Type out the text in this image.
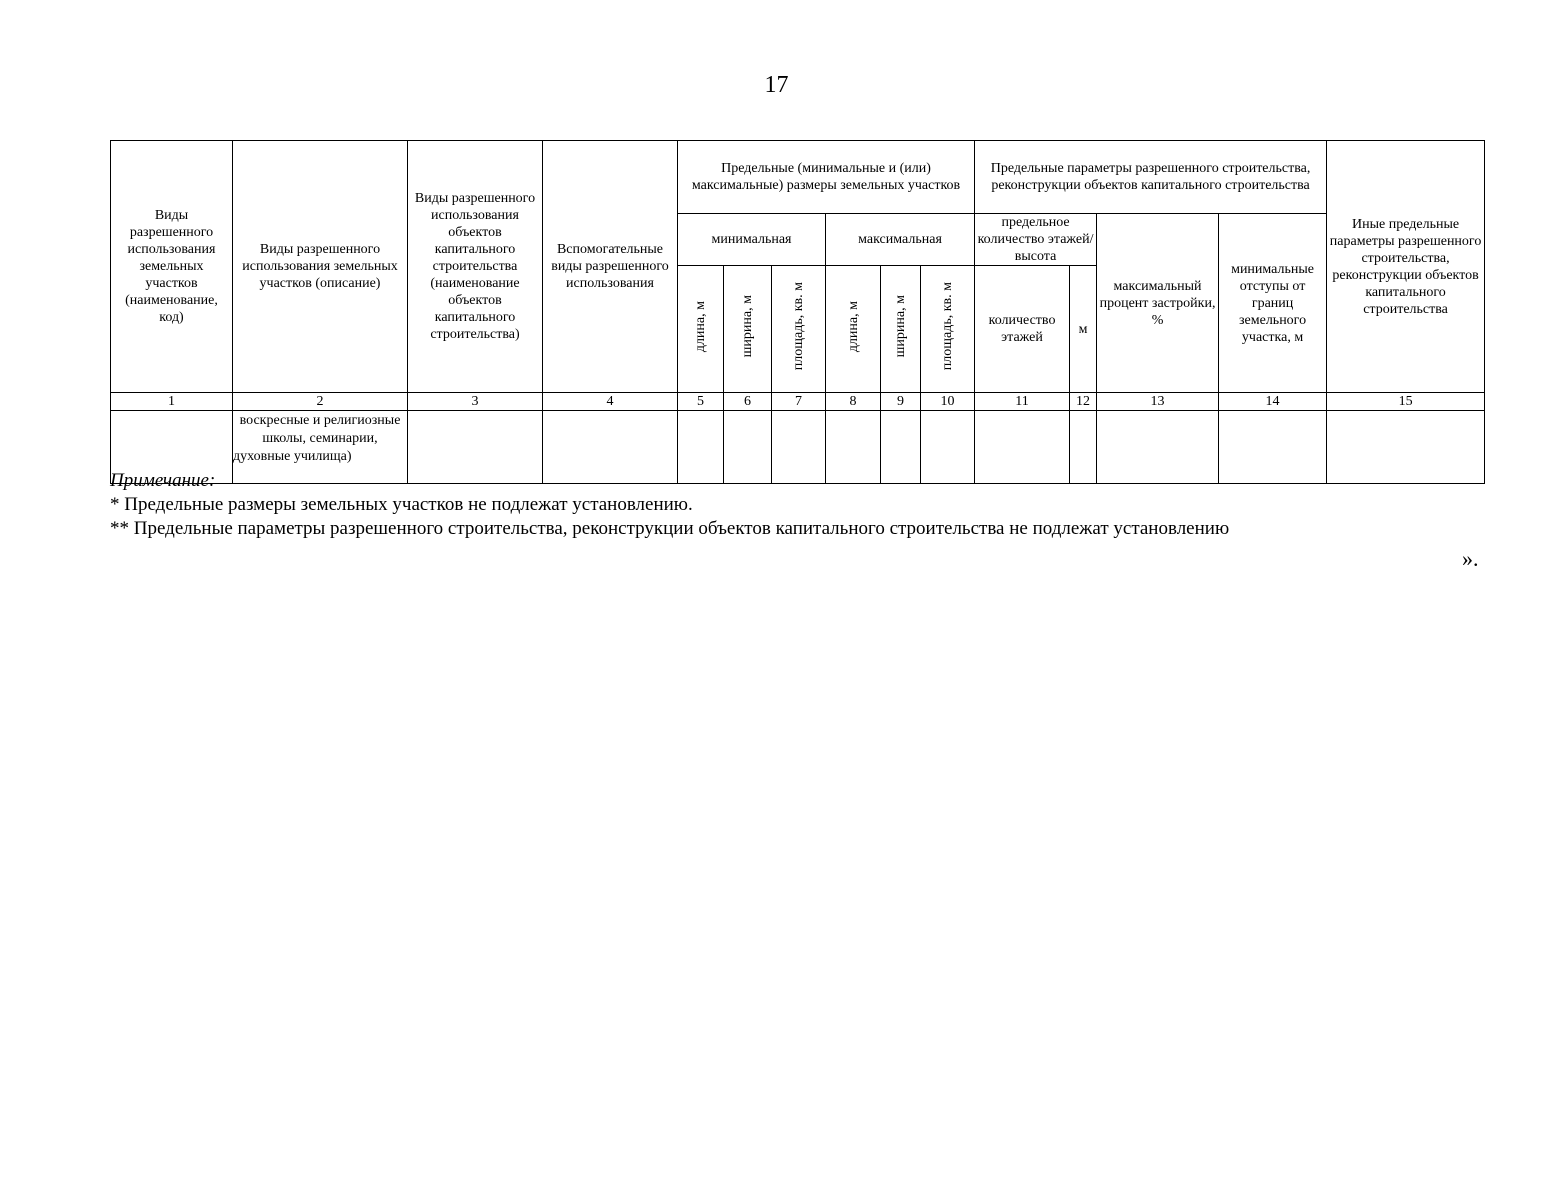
17
Виды разрешенного использования земельных участков (наименование, код)	Виды разрешенного использования земельных участков (описание)	Виды разрешенного использования объектов капитального строительства (наименование объектов капитального строительства)	Вспомогательные виды разрешенного использования	Предельные (минимальные и (или) максимальные) размеры земельных участков						Предельные параметры разрешенного строительства, реконструкции объектов капитального строительства				Иные предельные параметры разрешенного строительства, реконструкции объектов капитального строительства
				минимальная			максимальная			предельное количество этажей/высота		максимальный процент застройки, %	минимальные отступы от границ земельного участка, м	
				длина, м	ширина, м	площадь, кв. м	длина, м	ширина, м	площадь, кв. м	количество этажей	м			
1	2	3	4	5	6	7	8	9	10	11	12	13	14	15
	воскресные и религиозные школы, семинарии, духовные училища)													
Примечание:
* Предельные размеры земельных участков не подлежат установлению.
** Предельные параметры разрешенного строительства, реконструкции объектов капитального строительства не подлежат установлению
».
